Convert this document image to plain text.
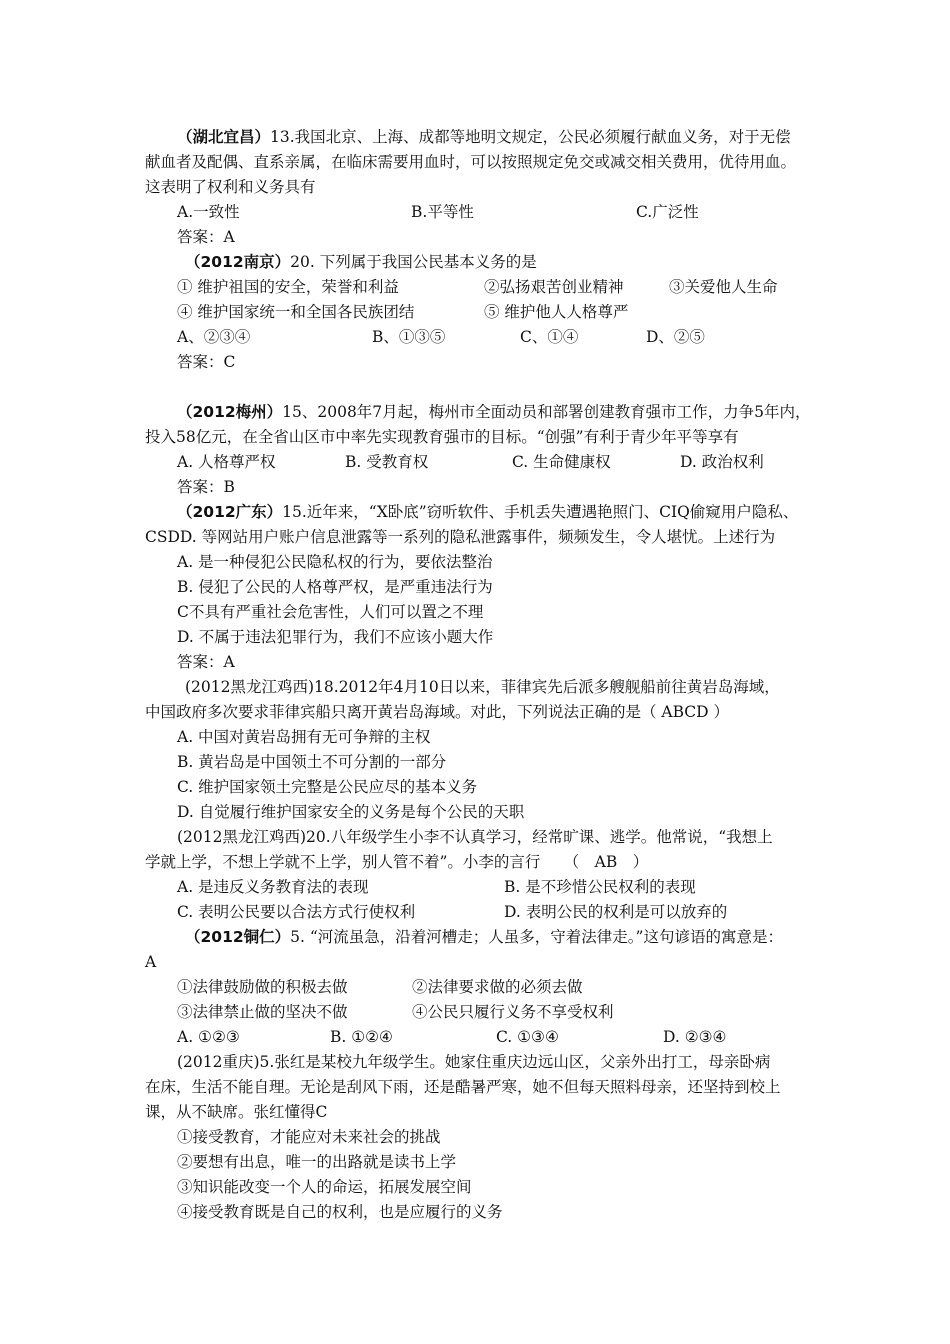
（湖北宜昌）13.我国北京、上海、成都等地明文规定，公民必须履行献血义务，对于无偿
献血者及配偶、直系亲属，在临床需要用血时，可以按照规定免交或减交相关费用，优待用血。
这表明了权利和义务具有
A.一致性	B.平等性	C.广泛性
答案：A
（2012南京）20. 下列属于我国公民基本义务的是
① 维护祖国的安全，荣誉和利益	②弘扬艰苦创业精神	③关爱他人生命
④ 维护国家统一和全国各民族团结	⑤ 维护他人人格尊严
A、②③④	B、①③⑤	C、①④	D、②⑤
答案：C
（2012梅州）15、2008年7月起，梅州市全面动员和部署创建教育强市工作，力争5年内，
投入58亿元，在全省山区市中率先实现教育强市的目标。“创强”有利于青少年平等享有
A. 人格尊严权	B. 受教育权	C. 生命健康权	D. 政治权利
答案：B
（2012广东）15.近年来，“X卧底”窃听软件、手机丢失遭遇艳照门、CIQ偷窥用户隐私、
CSDD. 等网站用户账户信息泄露等一系列的隐私泄露事件，频频发生，令人堪忧。上述行为
A. 是一种侵犯公民隐私权的行为，要依法整治
B. 侵犯了公民的人格尊严权，是严重违法行为
C不具有严重社会危害性，人们可以置之不理
D. 不属于违法犯罪行为，我们不应该小题大作
答案：A
(2012黑龙江鸡西)18.2012年4月10日以来，菲律宾先后派多艘舰船前往黄岩岛海域，
中国政府多次要求菲律宾船只离开黄岩岛海域。对此，下列说法正确的是（ ABCD ）
A. 中国对黄岩岛拥有无可争辩的主权
B. 黄岩岛是中国领土不可分割的一部分
C. 维护国家领土完整是公民应尽的基本义务
D. 自觉履行维护国家安全的义务是每个公民的天职
(2012黑龙江鸡西)20.八年级学生小李不认真学习，经常旷课、逃学。他常说，“我想上
学就上学，不想上学就不上学，别人管不着”。小李的言行　　（　AB　）
A. 是违反义务教育法的表现	B. 是不珍惜公民权利的表现
C. 表明公民要以合法方式行使权利	D. 表明公民的权利是可以放弃的
（2012铜仁）5. “河流虽急，沿着河槽走；人虽多，守着法律走。”这句谚语的寓意是：
A
①法律鼓励做的积极去做	②法律要求做的必须去做
③法律禁止做的坚决不做	④公民只履行义务不享受权利
A. ①②③	B. ①②④	C. ①③④	D. ②③④
(2012重庆)5.张红是某校九年级学生。她家住重庆边远山区，父亲外出打工，母亲卧病
在床，生活不能自理。无论是刮风下雨，还是酷暑严寒，她不但每天照料母亲，还坚持到校上
课，从不缺席。张红懂得C
①接受教育，才能应对未来社会的挑战
②要想有出息，唯一的出路就是读书上学
③知识能改变一个人的命运，拓展发展空间
④接受教育既是自己的权利，也是应履行的义务
